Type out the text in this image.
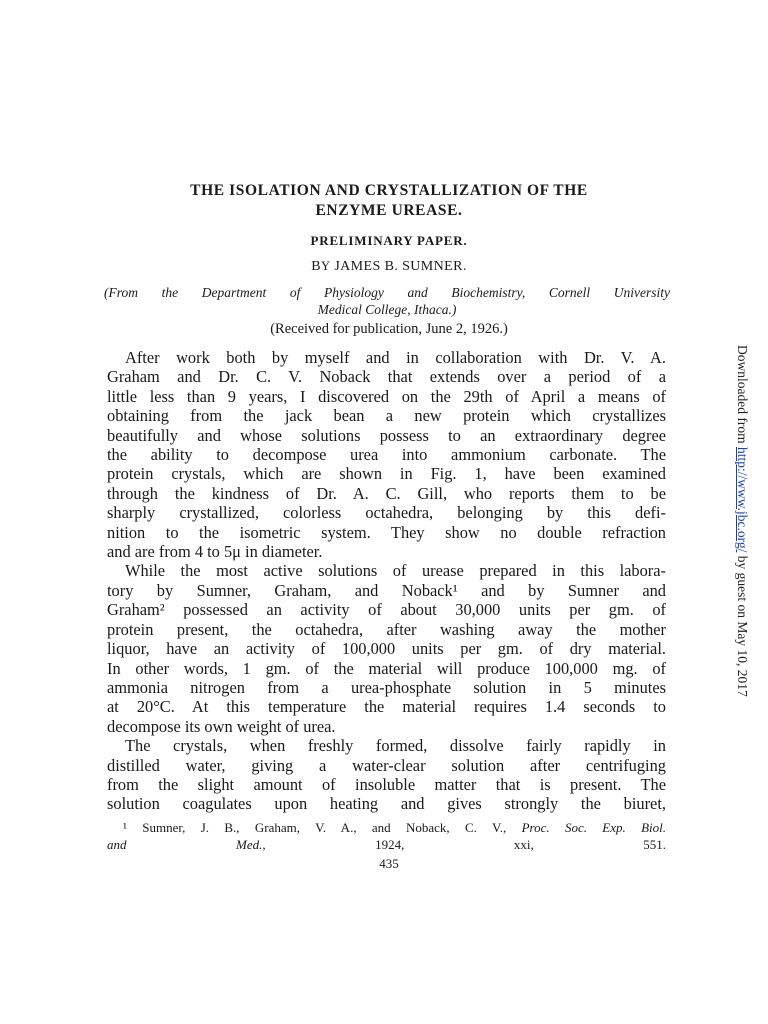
THE ISOLATION AND CRYSTALLIZATION OF THE
ENZYME UREASE.

PRELIMINARY PAPER.

BY JAMES B. SUMNER.

(From the Department of Physiology and Biochemistry, Cornell University
Medical College, Ithaca.)

(Received for publication, June 2, 1926.)

After work both by myself and in collaboration with Dr. V. A.
Graham and Dr. C. V. Noback that extends over a period of a
little less than 9 years, I discovered on the 29th of April a means of
obtaining from the jack bean a new protein which crystallizes
beautifully and whose solutions possess to an extraordinary degree
the ability to decompose urea into ammonium carbonate. The
protein crystals, which are shown in Fig. 1, have been examined
through the kindness of Dr. A. C. Gill, who reports them to be
sharply crystallized, colorless octahedra, belonging by this defi-
nition to the isometric system. They show no double refraction
and are from 4 to 5μ in diameter.

While the most active solutions of urease prepared in this labora-
tory by Sumner, Graham, and Noback¹ and by Sumner and
Graham² possessed an activity of about 30,000 units per gm. of
protein present, the octahedra, after washing away the mother
liquor, have an activity of 100,000 units per gm. of dry material.
In other words, 1 gm. of the material will produce 100,000 mg. of
ammonia nitrogen from a urea-phosphate solution in 5 minutes
at 20°C. At this temperature the material requires 1.4 seconds to
decompose its own weight of urea.

The crystals, when freshly formed, dissolve fairly rapidly in
distilled water, giving a water-clear solution after centrifuging
from the slight amount of insoluble matter that is present. The
solution coagulates upon heating and gives strongly the biuret,

¹ Sumner, J. B., Graham, V. A., and Noback, C. V., Proc. Soc. Exp. Biol.
and Med., 1924, xxi, 551.

435

Downloaded from http://www.jbc.org/ by guest on May 10, 2017
